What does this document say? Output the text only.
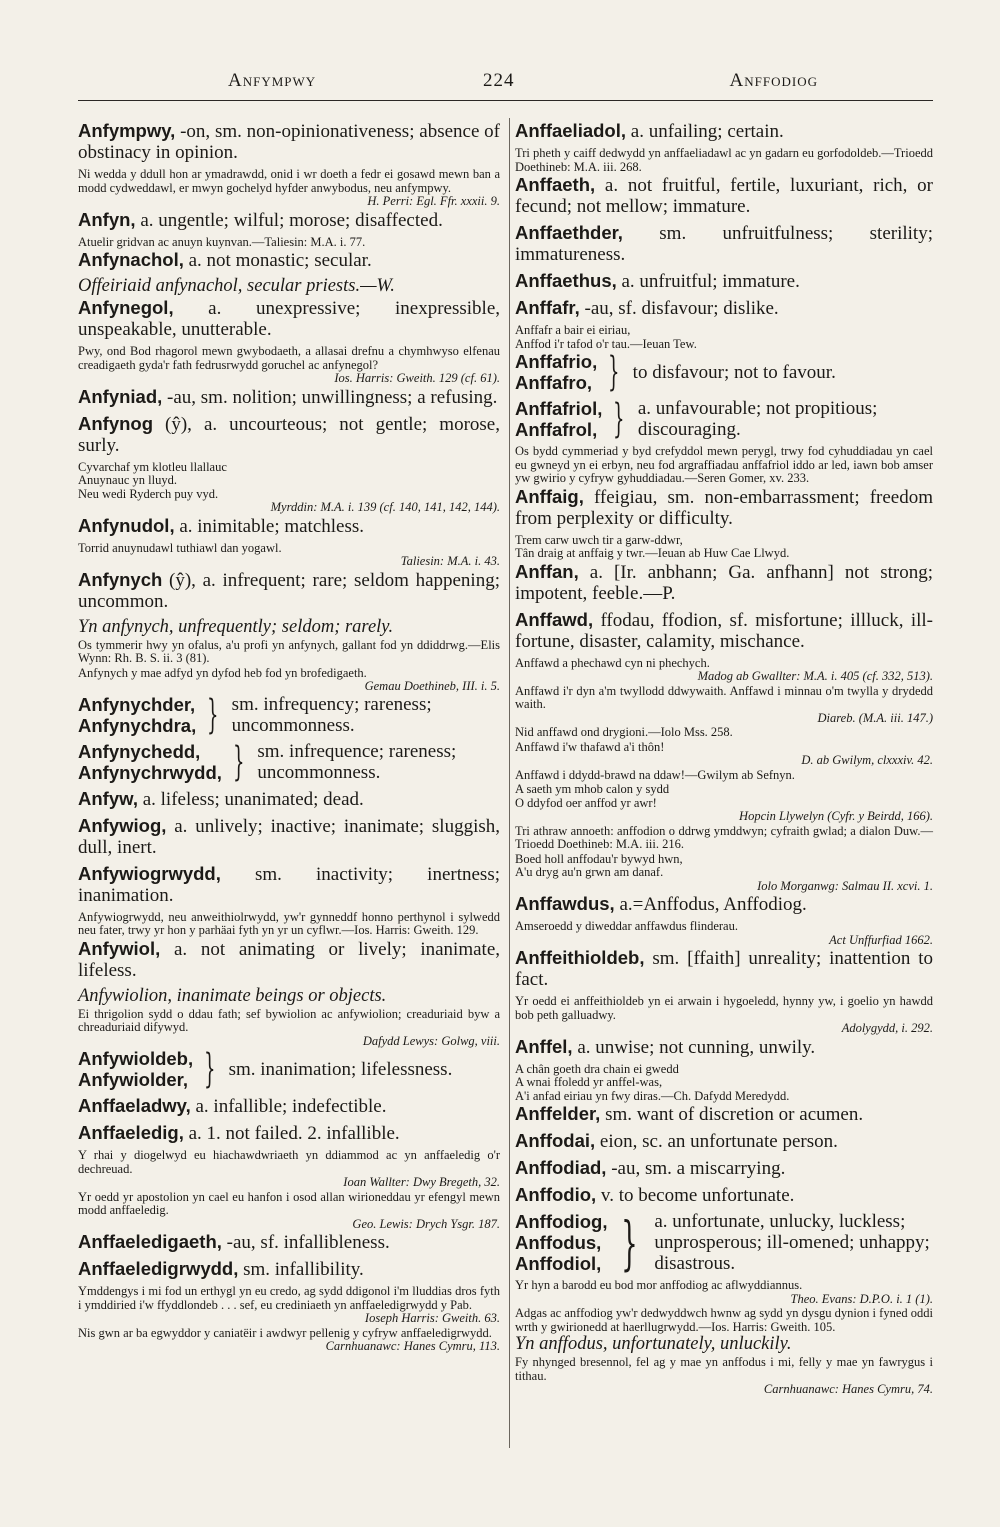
Anfympwy	224	Anffodiog
Anfympwy, -on, sm. non-opinionativeness; absence of obstinacy in opinion.
Ni wedda y ddull hon ar ymadrawdd, onid i wr doeth a fedr ei gosawd mewn ban a modd cydweddawl, er mwyn gochelyd hyfder anwybodus, neu anfympwy.
H. Perri: Egl. Ffr. xxxii. 9.
Anfyn, a. ungentle; wilful; morose; disaffected.
Atuelir gridvan ac anuyn kuynvan.—Taliesin: M.A. i. 77.
Anfynachol, a. not monastic; secular.
Offeiriaid anfynachol, secular priests.—W.
Anfynegol, a. unexpressive; inexpressible, unspeakable, unutterable.
Pwy, ond Bod rhagorol mewn gwybodaeth, a allasai drefnu a chymhwyso elfenau creadigaeth gyda'r fath fedrusrwydd goruchel ac anfynegol?
Ios. Harris: Gweith. 129 (cf. 61).
Anfyniad, -au, sm. nolition; unwillingness; a refusing.
Anfynog (ŷ), a. uncourteous; not gentle; morose, surly.
Cyvarchaf ym klotleu llallauc
Anuynauc yn lluyd.
Neu wedi Ryderch puy vyd.
Myrddin: M.A. i. 139 (cf. 140, 141, 142, 144).
Anfynudol, a. inimitable; matchless.
Torrid anuynudawl tuthiawl dan yogawl.
Taliesin: M.A. i. 43.
Anfynych (ŷ), a. infrequent; rare; seldom happening; uncommon.
Yn anfynych, unfrequently; seldom; rarely.
Os tymmerir hwy yn ofalus, a'u profi yn anfynych, gallant fod yn ddiddrwg.—Elis Wynn: Rh. B. S. ii. 3 (81).
Anfynych y mae adfyd yn dyfod heb fod yn brofedigaeth.
Gemau Doethineb, III. i. 5.
Anfynychder,
Anfynychdra, } sm. infrequency; rareness; uncommonness.
Anfynychedd,
Anfynychrwydd, } sm. infrequence; rareness; uncommonness.
Anfyw, a. lifeless; unanimated; dead.
Anfywiog, a. unlively; inactive; inanimate; sluggish, dull, inert.
Anfywiogrwydd, sm. inactivity; inertness; inanimation.
Anfywiogrwydd, neu anweithiolrwydd, yw'r gynneddf honno perthynol i sylwedd neu fater, trwy yr hon y parhäai fyth yn yr un cyflwr.—Ios. Harris: Gweith. 129.
Anfywiol, a. not animating or lively; inanimate, lifeless.
Anfywiolion, inanimate beings or objects.
Ei thrigolion sydd o ddau fath; sef bywiolion ac anfywiolion; creaduriaid byw a chreaduriaid difywyd.
Dafydd Lewys: Golwg, viii.
Anfywioldeb,
Anfywiolder, } sm. inanimation; lifelessness.
Anffaeladwy, a. infallible; indefectible.
Anffaeledig, a. 1. not failed. 2. infallible.
Y rhai y diogelwyd eu hiachawdwriaeth yn ddiammod ac yn anffaeledig o'r dechreuad.
Ioan Wallter: Dwy Bregeth, 32.
Yr oedd yr apostolion yn cael eu hanfon i osod allan wirioneddau yr efengyl mewn modd anffaeledig.
Geo. Lewis: Drych Ysgr. 187.
Anffaeledigaeth, -au, sf. infallibleness.
Anffaeledigrwydd, sm. infallibility.
Ymddengys i mi fod un erthygl yn eu credo, ag sydd ddigonol i'm lluddias dros fyth i ymddiried i'w ffyddlondeb . . . sef, eu crediniaeth yn anffaeledigrwydd y Pab.
Ioseph Harris: Gweith. 63.
Nis gwn ar ba egwyddor y caniatëir i awdwyr pellenig y cyfryw anffaeledigrwydd.
Carnhuanawc: Hanes Cymru, 113.
Anffaeliadol, a. unfailing; certain.
Tri pheth y caiff dedwydd yn anffaeliadawl ac yn gadarn eu gorfodoldeb.—Trioedd Doethineb: M.A. iii. 268.
Anffaeth, a. not fruitful, fertile, luxuriant, rich, or fecund; not mellow; immature.
Anffaethder, sm. unfruitfulness; sterility; immatureness.
Anffaethus, a. unfruitful; immature.
Anffafr, -au, sf. disfavour; dislike.
Anffafr a bair ei eiriau,
Anffod i'r tafod o'r tau.—Ieuan Tew.
Anffafrio,
Anffafro, } to disfavour; not to favour.
Anffafriol,
Anffafrol, } a. unfavourable; not propitious; discouraging.
Os bydd cymmeriad y byd crefyddol mewn perygl, trwy fod cyhuddiadau yn cael eu gwneyd yn ei erbyn, neu fod argraffiadau anffafriol iddo ar led, iawn bob amser yw gwirio y cyfryw gyhuddiadau.—Seren Gomer, xv. 233.
Anffaig, ffeigiau, sm. non-embarrassment; freedom from perplexity or difficulty.
Trem carw uwch tir a garw-ddwr,
Tân draig at anffaig y twr.—Ieuan ab Huw Cae Llwyd.
Anffan, a. [Ir. anbhann; Ga. anfhann] not strong; impotent, feeble.—P.
Anffawd, ffodau, ffodion, sf. misfortune; illluck, ill-fortune, disaster, calamity, mischance.
Anffawd a phechawd cyn ni phechych.
Madog ab Gwallter: M.A. i. 405 (cf. 332, 513).
Anffawd i'r dyn a'm twyllodd ddwywaith. Anffawd i minnau o'm twylla y drydedd waith.
Diareb. (M.A. iii. 147.)
Nid anffawd ond drygioni.—Iolo Mss. 258.
Anffawd i'w thafawd a'i thôn!
D. ab Gwilym, clxxxiv. 42.
Anffawd i ddydd-brawd na ddaw!—Gwilym ab Sefnyn.
A saeth ym mhob calon y sydd
O ddyfod oer anffod yr awr!
Hopcin Llywelyn (Cyfr. y Beirdd, 166).
Tri athraw annoeth: anffodion o ddrwg ymddwyn; cyfraith gwlad; a dialon Duw.—Trioedd Doethineb: M.A. iii. 216.
Boed holl anffodau'r bywyd hwn,
A'u dryg au'n grwn am danaf.
Iolo Morganwg: Salmau II. xcvi. 1.
Anffawdus, a.=Anffodus, Anffodiog.
Amseroedd y diweddar anffawdus flinderau.
Act Unffurfiad 1662.
Anffeithioldeb, sm. [ffaith] unreality; inattention to fact.
Yr oedd ei anffeithioldeb yn ei arwain i hygoeledd, hynny yw, i goelio yn hawdd bob peth galluadwy.
Adolygydd, i. 292.
Anffel, a. unwise; not cunning, unwily.
A chân goeth dra chain ei gwedd
A wnai ffoledd yr anffel-was,
A'i anfad eiriau yn fwy diras.—Ch. Dafydd Meredydd.
Anffelder, sm. want of discretion or acumen.
Anffodai, eion, sc. an unfortunate person.
Anffodiad, -au, sm. a miscarrying.
Anffodio, v. to become unfortunate.
Anffodiog,
Anffodus,
Anffodiol, } a. unfortunate, unlucky, luckless; unprosperous; ill-omened; unhappy; disastrous.
Yr hyn a barodd eu bod mor anffodiog ac aflwyddiannus.
Theo. Evans: D.P.O. i. 1 (1).
Adgas ac anffodiog yw'r dedwyddwch hwnw ag sydd yn dysgu dynion i fyned oddi wrth y gwirionedd at haerllugrwydd.—Ios. Harris: Gweith. 105.
Yn anffodus, unfortunately, unluckily.
Fy nhynged bresennol, fel ag y mae yn anffodus i mi, felly y mae yn fawrygus i tithau.
Carnhuanawc: Hanes Cymru, 74.
